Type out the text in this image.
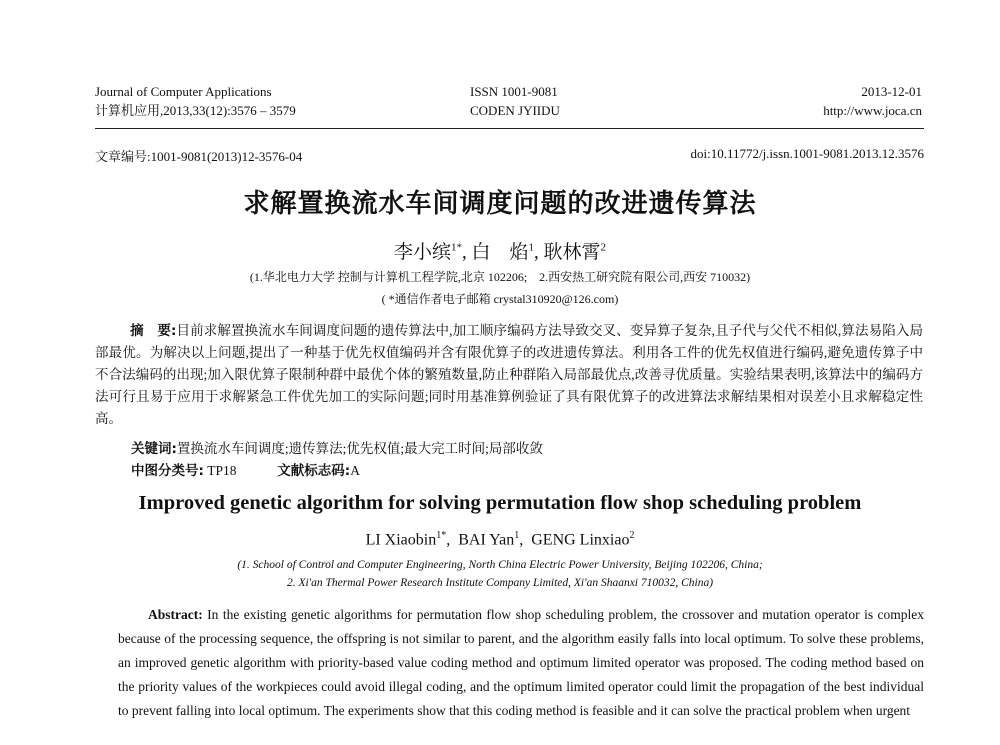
Journal of Computer Applications
计算机应用,2013,33(12):3576 – 3579
ISSN 1001-9081
CODEN JYIIDU
2013-12-01
http://www.joca.cn
文章编号:1001-9081(2013)12-3576-04	doi:10.11772/j.issn.1001-9081.2013.12.3576
求解置换流水车间调度问题的改进遗传算法
李小缤$^{1*}$, 白　焰$^1$, 耿林霄$^2$
(1.华北电力大学 控制与计算机工程学院,北京 102206;　2.西安热工研究院有限公司,西安 710032)
( *通信作者电子邮箱 crystal310920@126.com)
摘　要:目前求解置换流水车间调度问题的遗传算法中,加工顺序编码方法导致交叉、变异算子复杂,且子代与父代不相似,算法易陷入局部最优。为解决以上问题,提出了一种基于优先权值编码并含有限优算子的改进遗传算法。利用各工件的优先权值进行编码,避免遗传算子中不合法编码的出现;加入限优算子限制种群中最优个体的繁殖数量,防止种群陷入局部最优点,改善寻优质量。实验结果表明,该算法中的编码方法可行且易于应用于求解紧急工件优先加工的实际问题;同时用基准算例验证了具有限优算子的改进算法求解结果相对误差小且求解稳定性高。
关键词:置换流水车间调度;遗传算法;优先权值;最大完工时间;局部收敛
中图分类号: TP18	文献标志码:A
Improved genetic algorithm for solving permutation flow shop scheduling problem
LI Xiaobin$^{1*}$, BAI Yan$^1$, GENG Linxiao$^2$
(1. School of Control and Computer Engineering, North China Electric Power University, Beijing 102206, China;
2. Xi'an Thermal Power Research Institute Company Limited, Xi'an Shaanxi 710032, China)
Abstract: In the existing genetic algorithms for permutation flow shop scheduling problem, the crossover and mutation operator is complex because of the processing sequence, the offspring is not similar to parent, and the algorithm easily falls into local optimum. To solve these problems, an improved genetic algorithm with priority-based value coding method and optimum limited operator was proposed. The coding method based on the priority values of the workpieces could avoid illegal coding, and the optimum limited operator could limit the propagation of the best individual to prevent falling into local optimum. The experiments show that this coding method is feasible and it can solve the practical problem when urgent
